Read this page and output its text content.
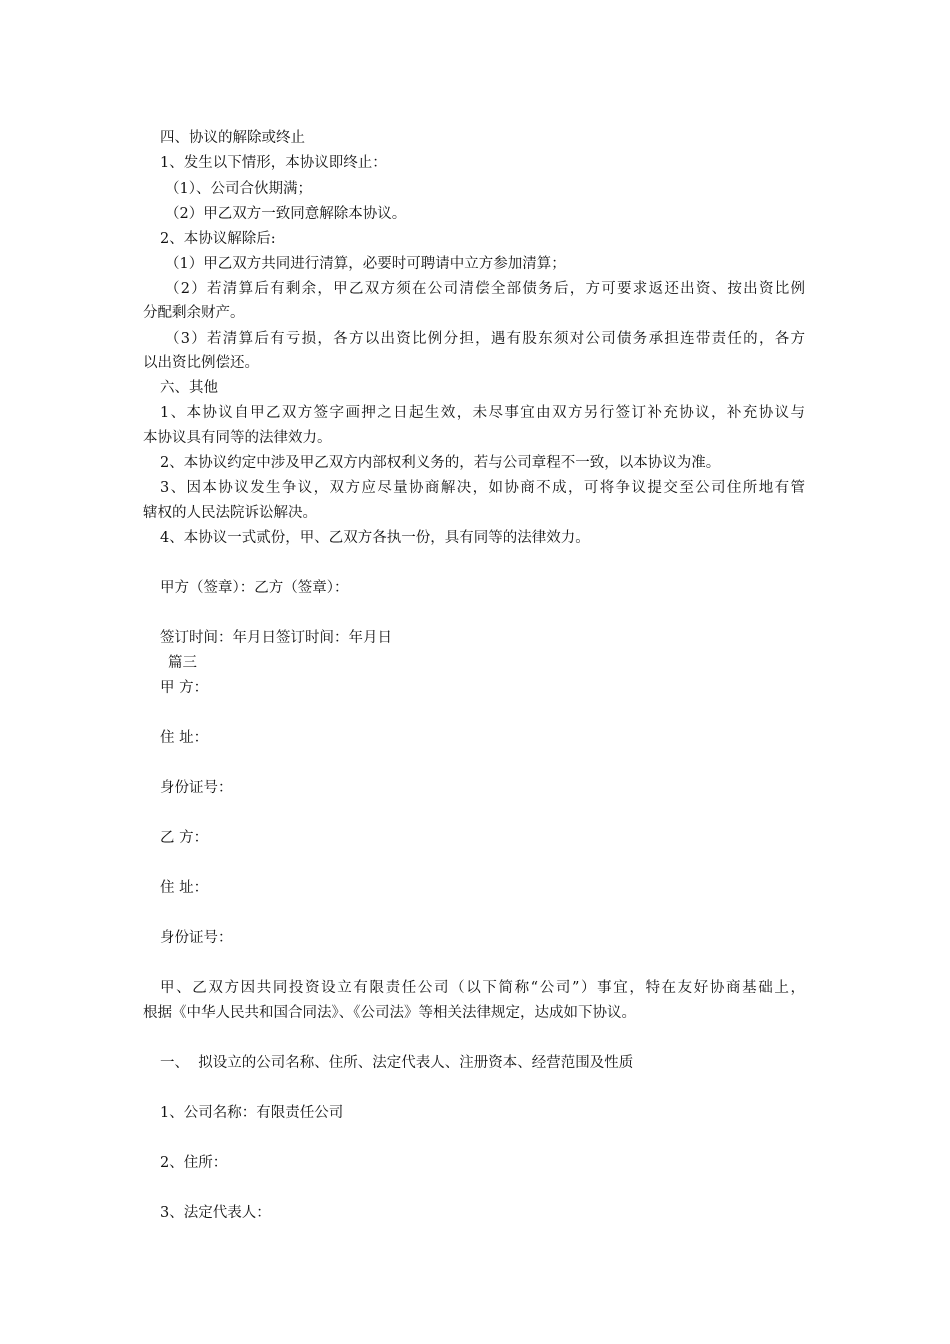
四、协议的解除或终止
1、发生以下情形，本协议即终止：
（1）、公司合伙期满；
（2）甲乙双方一致同意解除本协议。
2、本协议解除后:
（1）甲乙双方共同进行清算，必要时可聘请中立方参加清算；
（2）若清算后有剩余，甲乙双方须在公司清偿全部债务后，方可要求返还出资、按出资比例
分配剩余财产。
（3）若清算后有亏损，各方以出资比例分担，遇有股东须对公司债务承担连带责任的，各方
以出资比例偿还。
六、其他
1、本协议自甲乙双方签字画押之日起生效，未尽事宜由双方另行签订补充协议，补充协议与
本协议具有同等的法律效力。
2、本协议约定中涉及甲乙双方内部权利义务的，若与公司章程不一致，以本协议为准。
3、因本协议发生争议，双方应尽量协商解决，如协商不成，可将争议提交至公司住所地有管
辖权的人民法院诉讼解决。
4、本协议一式贰份，甲、乙双方各执一份，具有同等的法律效力。
甲方（签章）：乙方（签章）：
签订时间：年月日签订时间：年月日
篇三
甲 方：
住 址：
身份证号：
乙 方：
住 址：
身份证号：
甲、乙双方因共同投资设立有限责任公司（以下简称“公司”）事宜，特在友好协商基础上，
根据《中华人民共和国合同法》、《公司法》等相关法律规定，达成如下协议。
一、  拟设立的公司名称、住所、法定代表人、注册资本、经营范围及性质
1、公司名称：有限责任公司
2、住所：
3、法定代表人：
